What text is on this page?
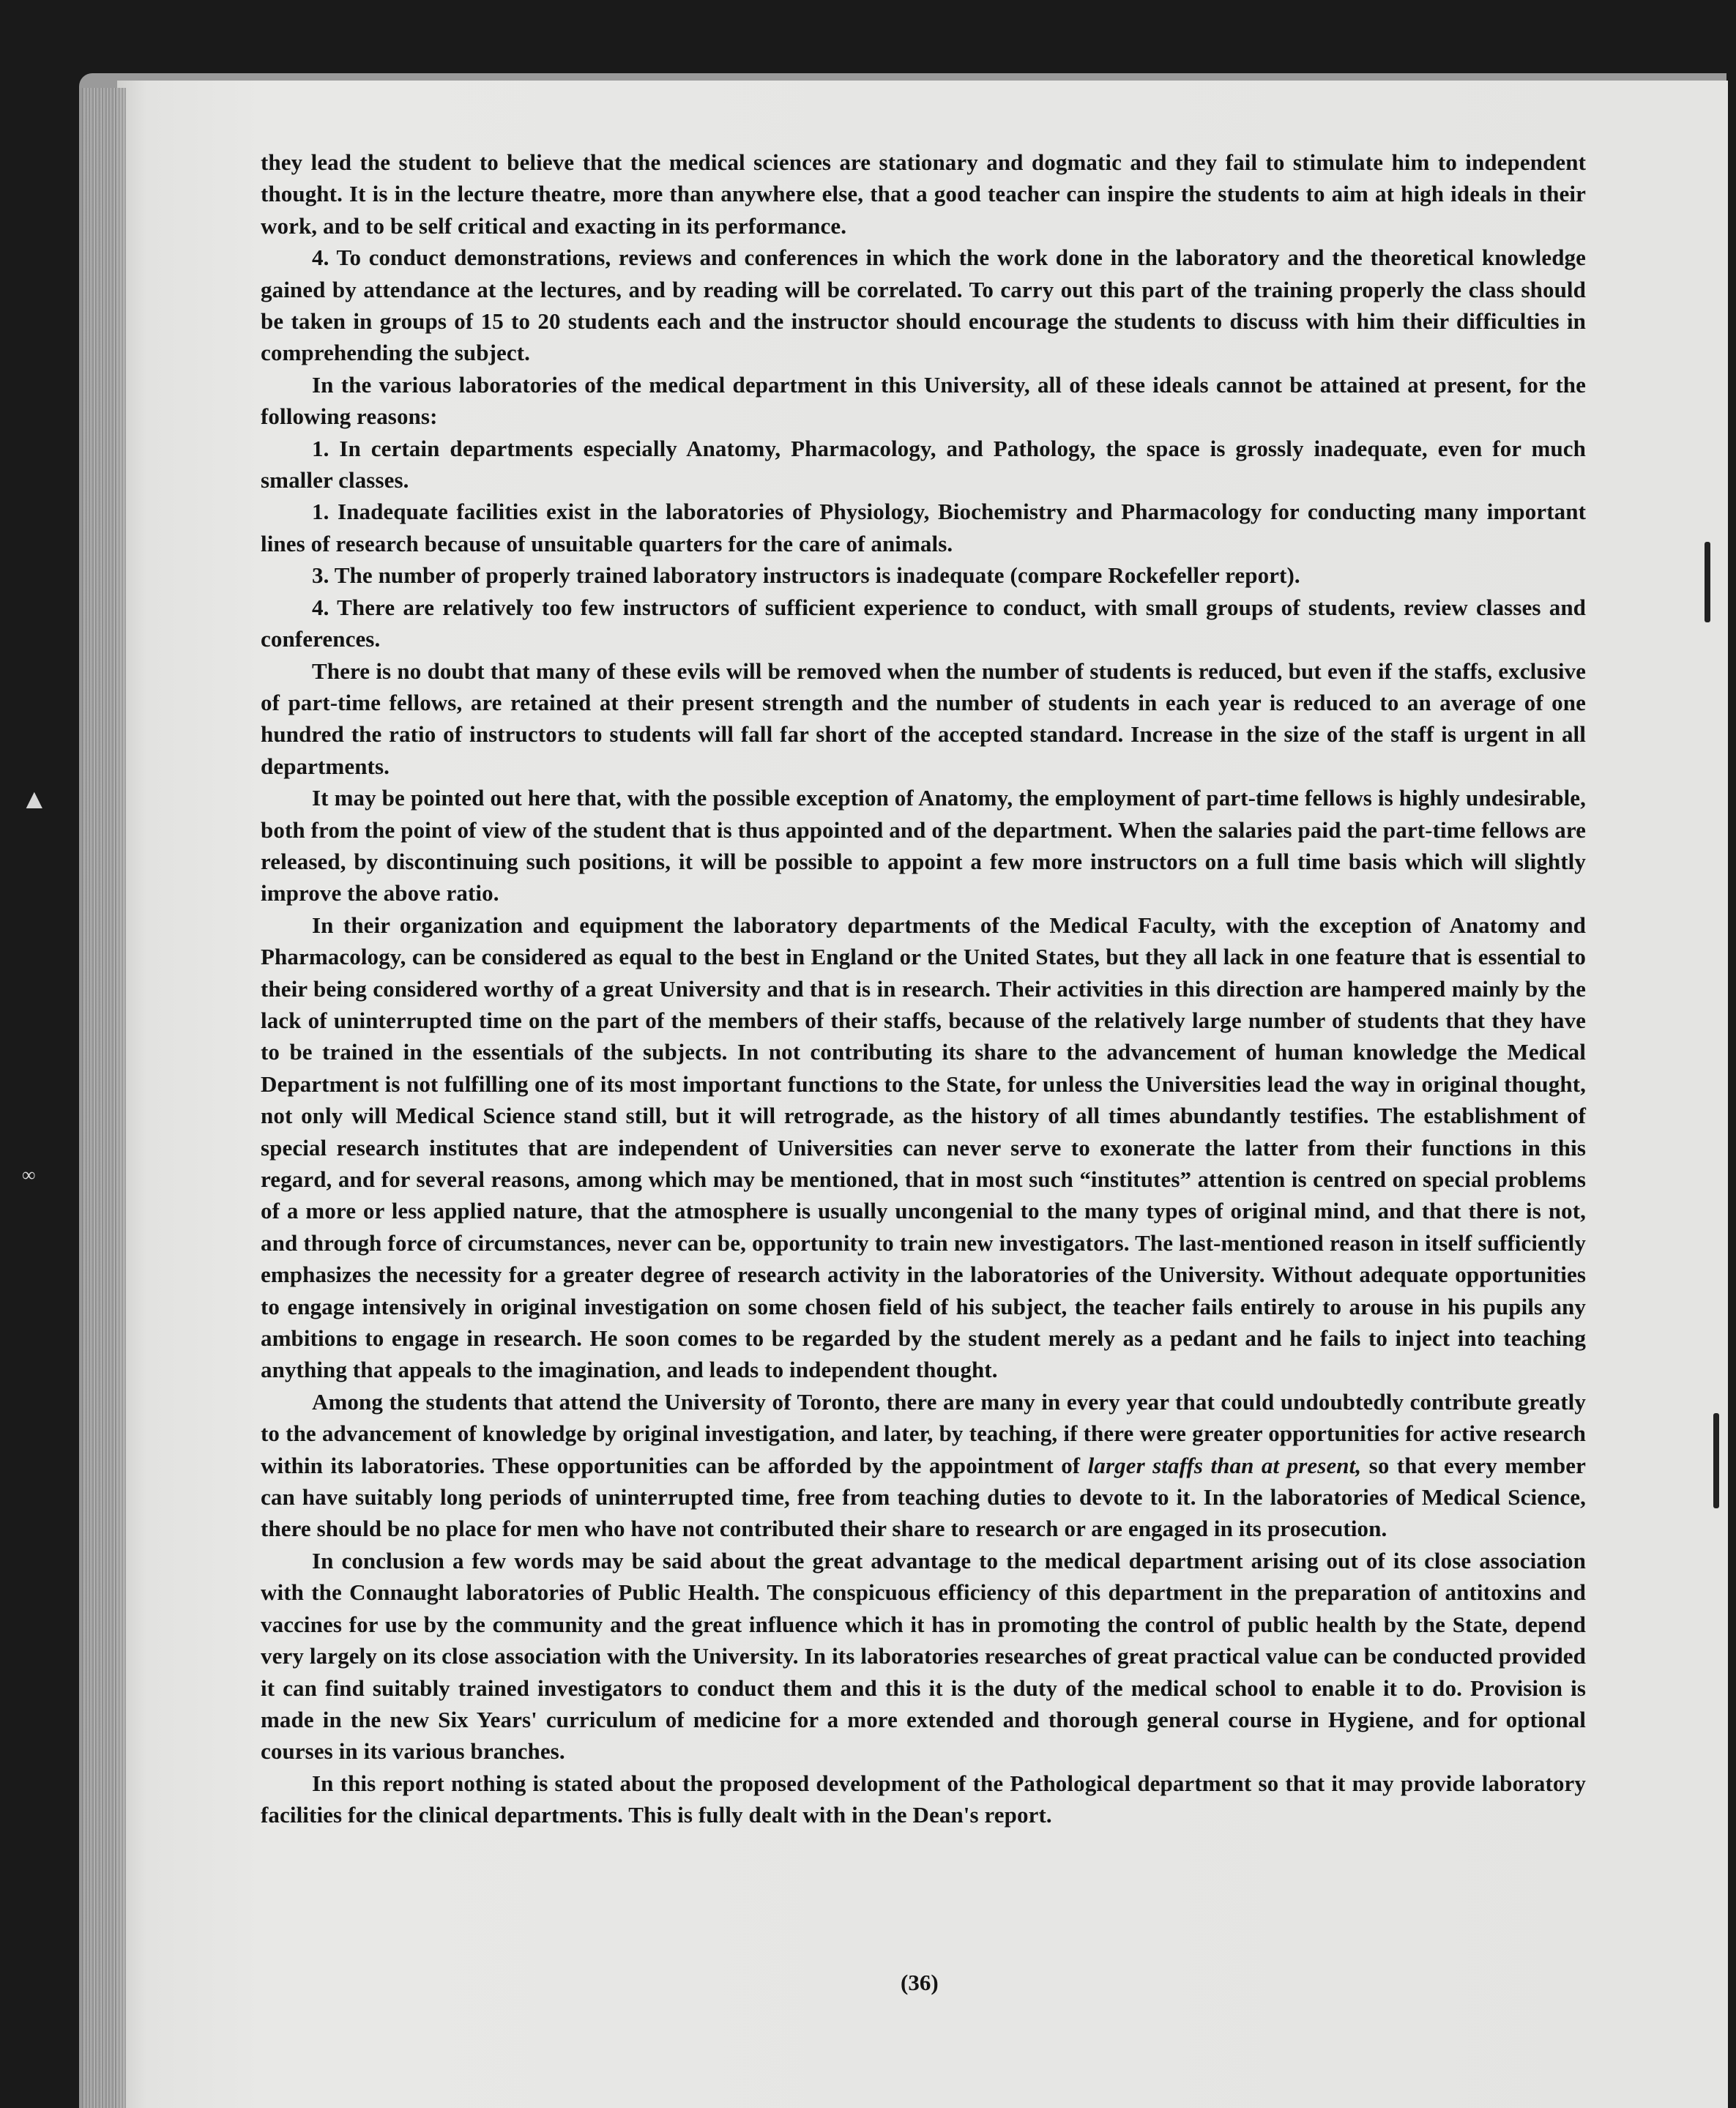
▲
∞

they lead the student to believe that the medical sciences are stationary and dogmatic and they fail to stimulate him to independent thought. It is in the lecture theatre, more than anywhere else, that a good teacher can inspire the students to aim at high ideals in their work, and to be self critical and exacting in its performance.

4. To conduct demonstrations, reviews and conferences in which the work done in the laboratory and the theoretical knowledge gained by attendance at the lectures, and by reading will be correlated. To carry out this part of the training properly the class should be taken in groups of 15 to 20 students each and the instructor should encourage the students to discuss with him their difficulties in comprehending the subject.

In the various laboratories of the medical department in this University, all of these ideals cannot be attained at present, for the following reasons:

1. In certain departments especially Anatomy, Pharmacology, and Pathology, the space is grossly inadequate, even for much smaller classes.

1. Inadequate facilities exist in the laboratories of Physiology, Biochemistry and Pharmacology for conducting many important lines of research because of unsuitable quarters for the care of animals.

3. The number of properly trained laboratory instructors is inadequate (compare Rockefeller report).

4. There are relatively too few instructors of sufficient experience to conduct, with small groups of students, review classes and conferences.

There is no doubt that many of these evils will be removed when the number of students is reduced, but even if the staffs, exclusive of part-time fellows, are retained at their present strength and the number of students in each year is reduced to an average of one hundred the ratio of instructors to students will fall far short of the accepted standard. Increase in the size of the staff is urgent in all departments.

It may be pointed out here that, with the possible exception of Anatomy, the employment of part-time fellows is highly undesirable, both from the point of view of the student that is thus appointed and of the department. When the salaries paid the part-time fellows are released, by discontinuing such positions, it will be possible to appoint a few more instructors on a full time basis which will slightly improve the above ratio.

In their organization and equipment the laboratory departments of the Medical Faculty, with the exception of Anatomy and Pharmacology, can be considered as equal to the best in England or the United States, but they all lack in one feature that is essential to their being considered worthy of a great University and that is in research. Their activities in this direction are hampered mainly by the lack of uninterrupted time on the part of the members of their staffs, because of the relatively large number of students that they have to be trained in the essentials of the subjects. In not contributing its share to the advancement of human knowledge the Medical Department is not fulfilling one of its most important functions to the State, for unless the Universities lead the way in original thought, not only will Medical Science stand still, but it will retrograde, as the history of all times abundantly testifies. The establishment of special research institutes that are independent of Universities can never serve to exonerate the latter from their functions in this regard, and for several reasons, among which may be mentioned, that in most such “institutes” attention is centred on special problems of a more or less applied nature, that the atmosphere is usually uncongenial to the many types of original mind, and that there is not, and through force of circumstances, never can be, opportunity to train new investigators. The last-mentioned reason in itself sufficiently emphasizes the necessity for a greater degree of research activity in the laboratories of the University. Without adequate opportunities to engage intensively in original investigation on some chosen field of his subject, the teacher fails entirely to arouse in his pupils any ambitions to engage in research. He soon comes to be regarded by the student merely as a pedant and he fails to inject into teaching anything that appeals to the imagination, and leads to independent thought.

Among the students that attend the University of Toronto, there are many in every year that could undoubtedly contribute greatly to the advancement of knowledge by original investigation, and later, by teaching, if there were greater opportunities for active research within its laboratories. These opportunities can be afforded by the appointment of larger staffs than at present, so that every member can have suitably long periods of uninterrupted time, free from teaching duties to devote to it. In the laboratories of Medical Science, there should be no place for men who have not contributed their share to research or are engaged in its prosecution.

In conclusion a few words may be said about the great advantage to the medical department arising out of its close association with the Connaught laboratories of Public Health. The conspicuous efficiency of this department in the preparation of antitoxins and vaccines for use by the community and the great influence which it has in promoting the control of public health by the State, depend very largely on its close association with the University. In its laboratories researches of great practical value can be conducted provided it can find suitably trained investigators to conduct them and this it is the duty of the medical school to enable it to do. Provision is made in the new Six Years' curriculum of medicine for a more extended and thorough general course in Hygiene, and for optional courses in its various branches.

In this report nothing is stated about the proposed development of the Pathological department so that it may provide laboratory facilities for the clinical departments. This is fully dealt with in the Dean's report.

(36)
